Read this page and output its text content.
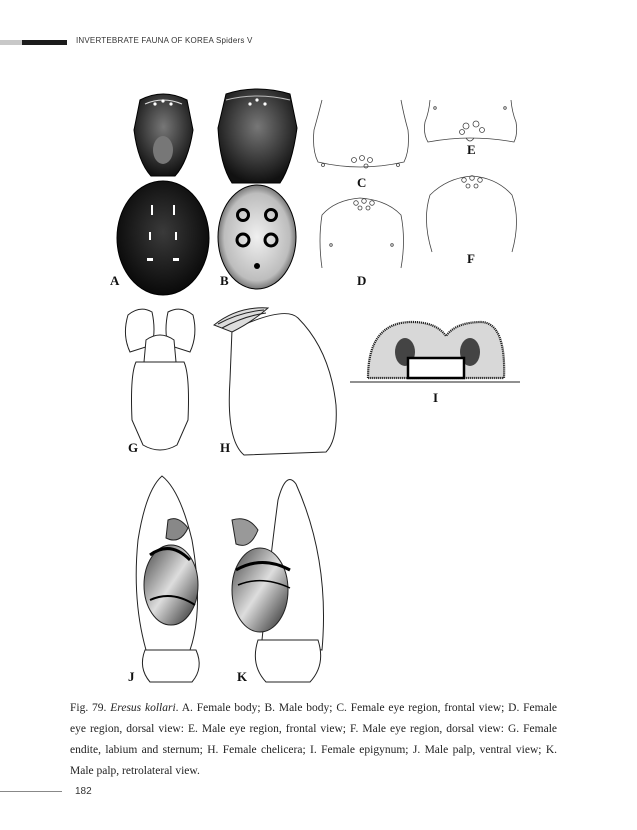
INVERTEBRATE FAUNA OF KOREA Spiders V
A	B
C
D
E
F
G	H
I
J	K
Fig. 79. Eresus kollari. A. Female body; B. Male body; C. Female eye region, frontal view; D. Female eye region, dorsal view: E. Male eye region, frontal view; F. Male eye region, dorsal view: G. Female endite, labium and sternum; H. Female chelicera; I. Female epigynum; J. Male palp, ventral view; K. Male palp, retrolateral view.
182
